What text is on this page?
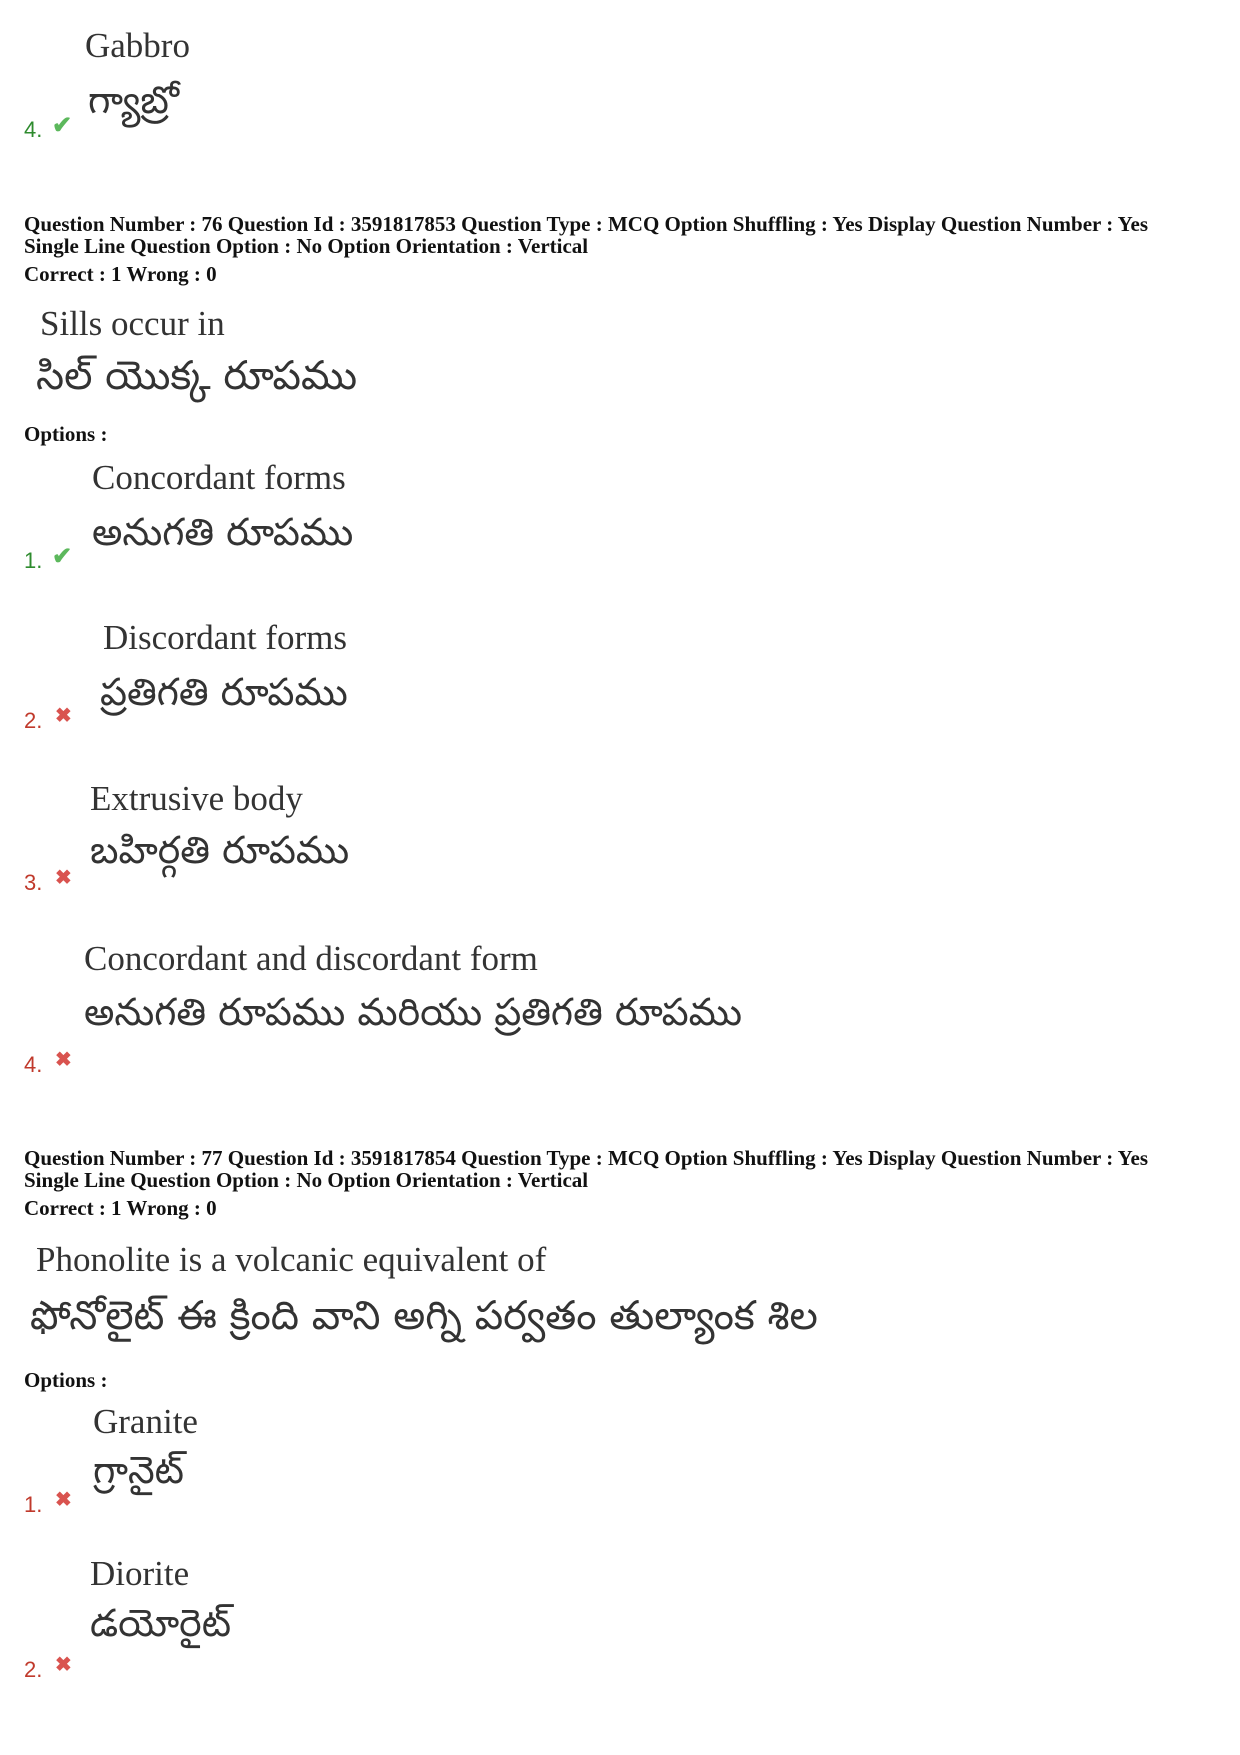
Gabbro
గ్యాబ్రో
4. ✔
Question Number : 76 Question Id : 3591817853 Question Type : MCQ Option Shuffling : Yes Display Question Number : Yes
Single Line Question Option : No Option Orientation : Vertical
Correct : 1 Wrong : 0
Sills occur in
సిల్ యొక్క రూపము
Options :
Concordant forms
అనుగతి రూపము
1. ✔
Discordant forms
ప్రతిగతి రూపము
2. ✖
Extrusive body
బహిర్గతి రూపము
3. ✖
Concordant and discordant form
అనుగతి రూపము మరియు ప్రతిగతి రూపము
4. ✖
Question Number : 77 Question Id : 3591817854 Question Type : MCQ Option Shuffling : Yes Display Question Number : Yes
Single Line Question Option : No Option Orientation : Vertical
Correct : 1 Wrong : 0
Phonolite is a volcanic equivalent of
ఫోనోలైట్ ఈ క్రింది వాని అగ్ని పర్వతం తుల్యాంక శిల
Options :
Granite
గ్రానైట్
1. ✖
Diorite
డయోరైట్
2. ✖
